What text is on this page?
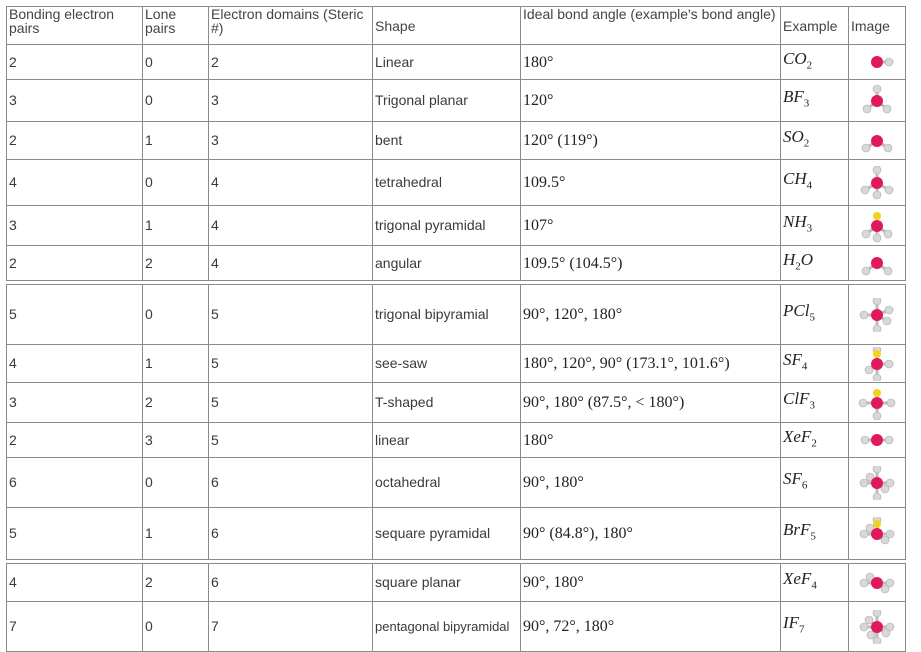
Bonding electron pairs	Lone pairs	Electron domains (Steric #)	Shape	Ideal bond angle (example's bond angle)	Example	Image
2	0	2	Linear	180°	$CO_2$	

3	0	3	Trigonal planar	120°	$BF_3$	

2	1	3	bent	120° (119°)	$SO_2$	

4	0	4	tetrahedral	109.5°	$CH_4$	

3	1	4	trigonal pyramidal	107°	$NH_3$	

2	2	4	angular	109.5° (104.5°)	$H_2O$	

5	0	5	trigonal bipyramial	90°, 120°, 180°	PCl$_5$	

4	1	5	see-saw	180°, 120°, 90° (173.1°, 101.6°)	$SF_4$	

3	2	5	T-shaped	90°, 180° (87.5°, < 180°)	ClF$_3$	

2	3	5	linear	180°	XeF$_2$	

6	0	6	octahedral	90°, 180°	$SF_6$	

5	1	6	sequare pyramidal	90° (84.8°), 180°	BrF$_5$	

4	2	6	square planar	90°, 180°	XeF$_4$	

7	0	7	pentagonal bipyramidal	90°, 72°, 180°	$IF_7$	
